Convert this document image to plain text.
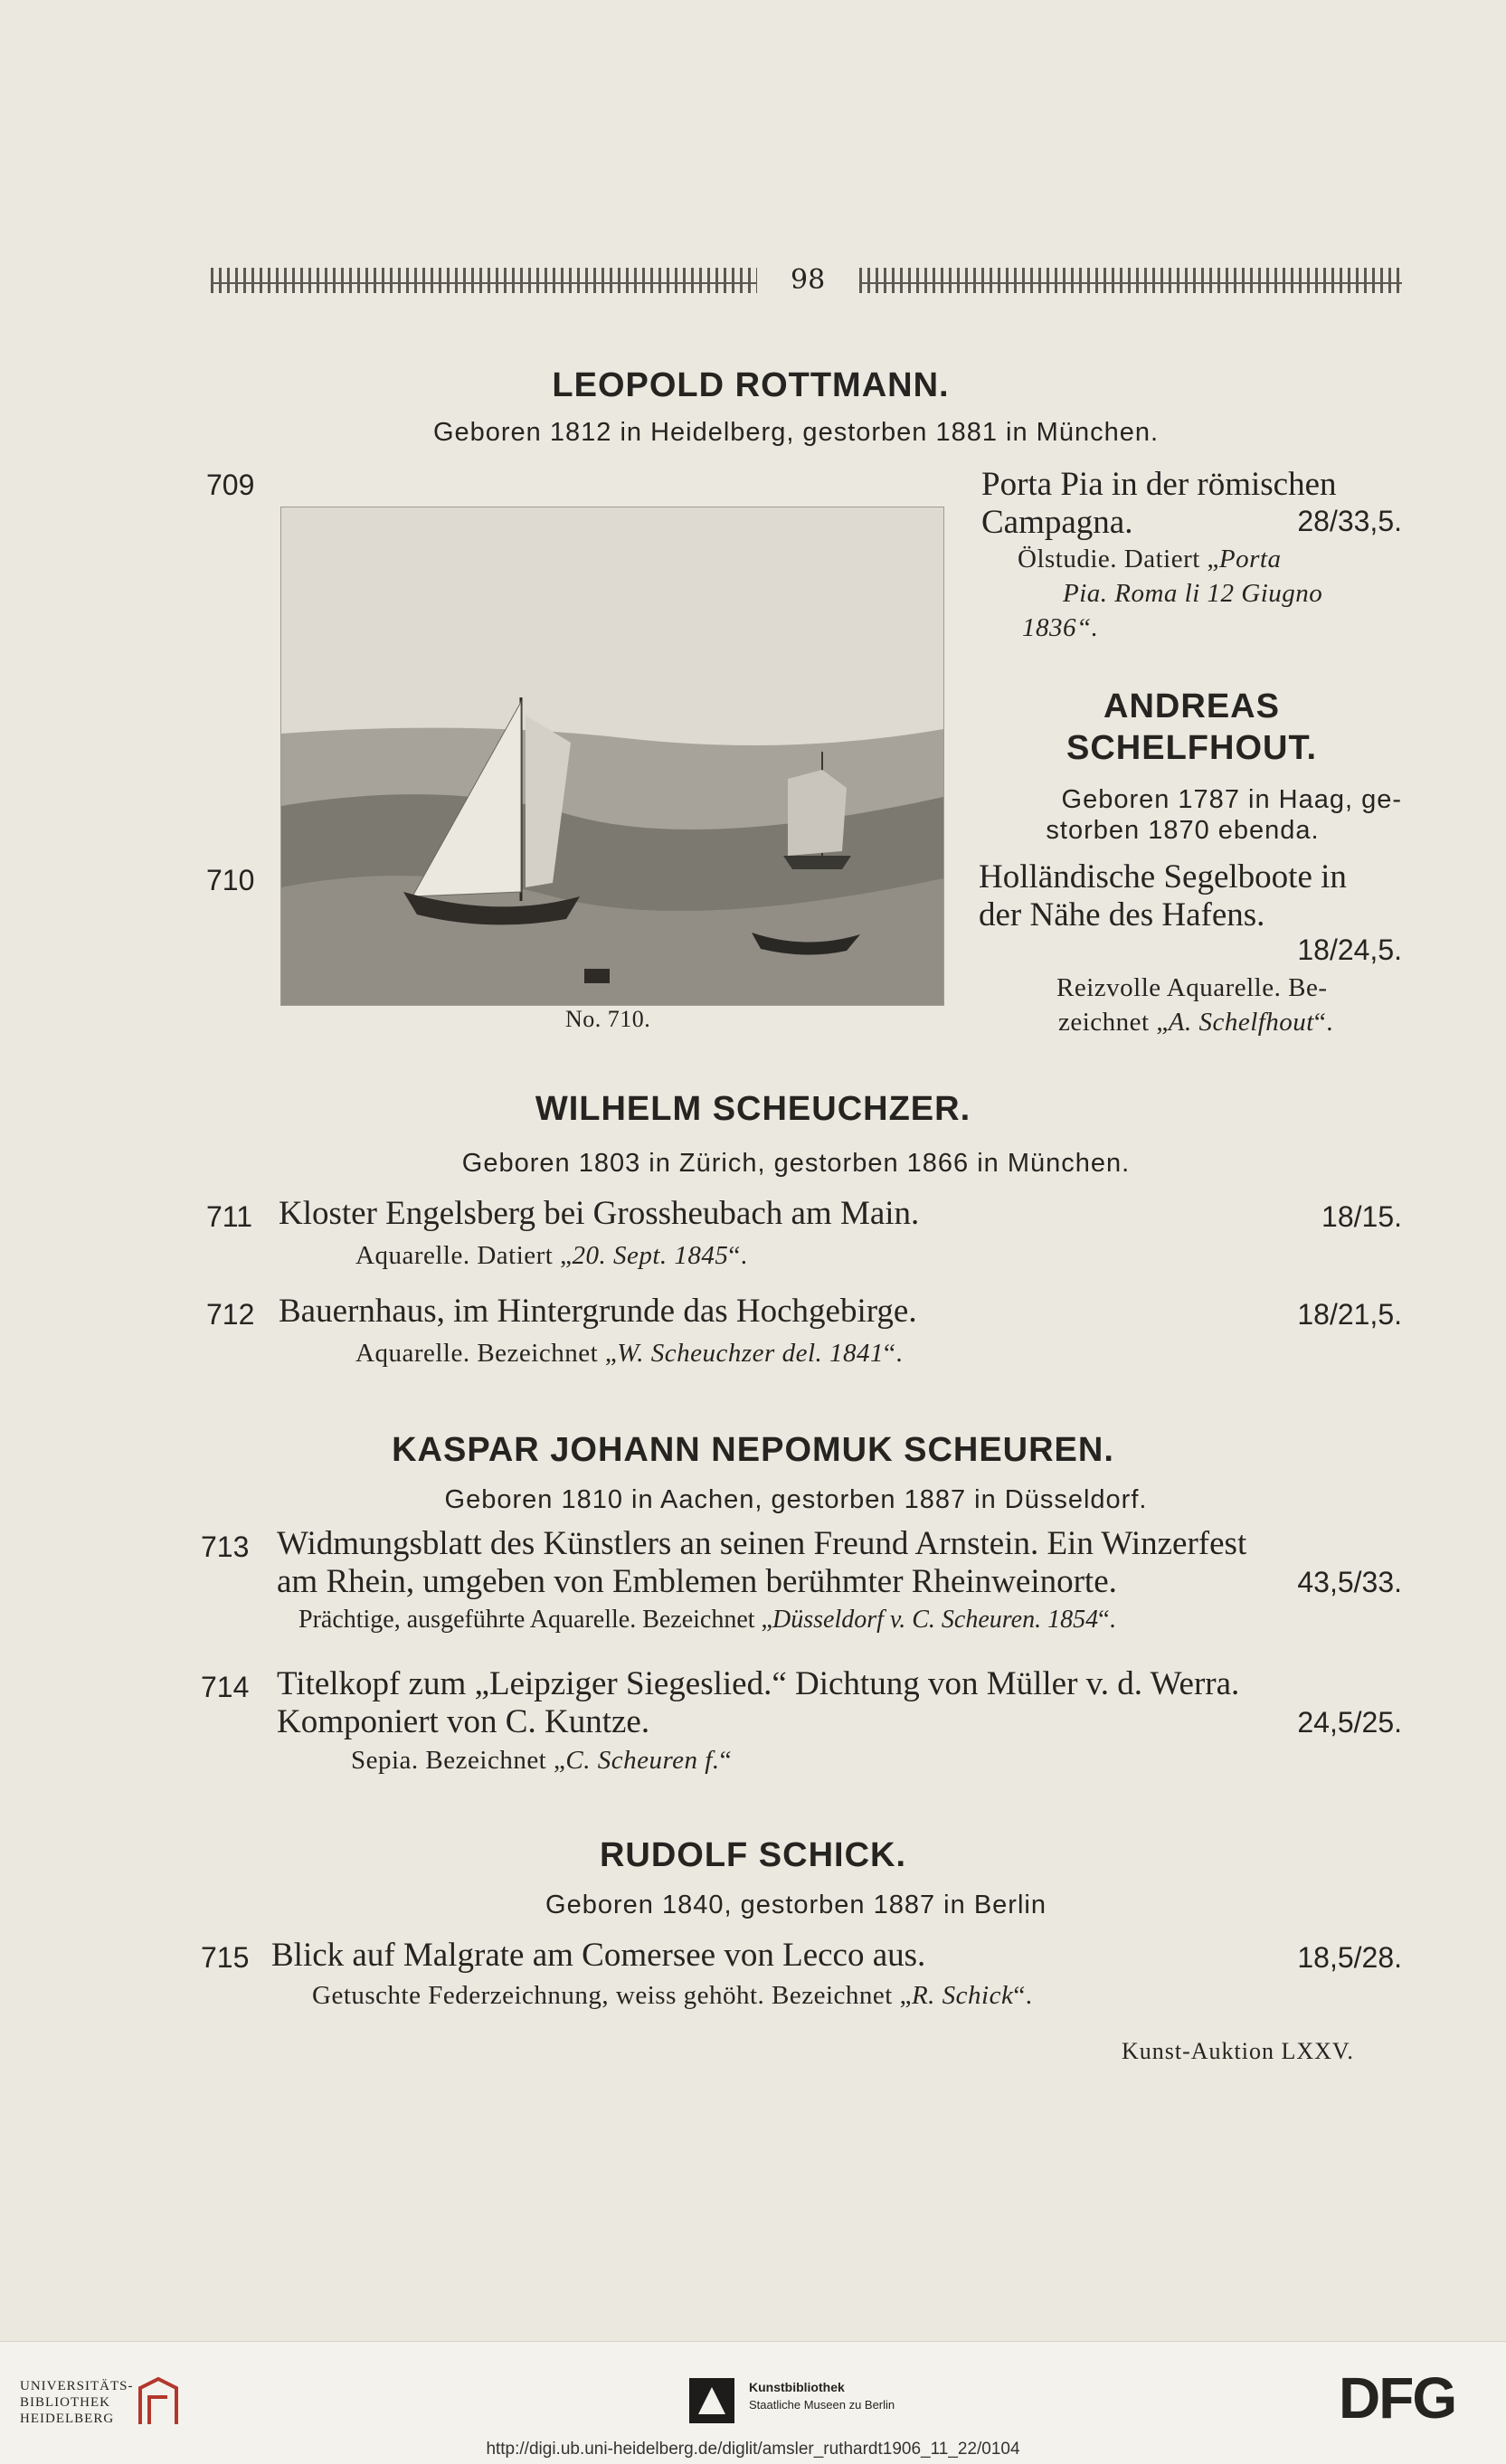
98
LEOPOLD ROTTMANN.
Geboren 1812 in Heidelberg, gestorben 1881 in München.
709	Porta Pia in der römischen
Campagna.	28/33,5.
Ölstudie. Datiert „Porta
Pia. Roma li 12 Giugno
1836“.
No. 710.
ANDREAS
SCHELFHOUT.
Geboren 1787 in Haag, ge-
storben 1870 ebenda.
710	Holländische Segelboote in
der Nähe des Hafens.
18/24,5.
Reizvolle Aquarelle. Be-
zeichnet „A. Schelfhout“.
WILHELM SCHEUCHZER.
Geboren 1803 in Zürich, gestorben 1866 in München.
711 Kloster Engelsberg bei Grossheubach am Main.	18/15.
Aquarelle. Datiert „20. Sept. 1845“.
712 Bauernhaus, im Hintergrunde das Hochgebirge.	18/21,5.
Aquarelle. Bezeichnet „W. Scheuchzer del. 1841“.
KASPAR JOHANN NEPOMUK SCHEUREN.
Geboren 1810 in Aachen, gestorben 1887 in Düsseldorf.
713 Widmungsblatt des Künstlers an seinen Freund Arnstein. Ein Winzerfest
am Rhein, umgeben von Emblemen berühmter Rheinweinorte.	43,5/33.
Prächtige, ausgeführte Aquarelle. Bezeichnet „Düsseldorf v. C. Scheuren. 1854“.
714 Titelkopf zum „Leipziger Siegeslied.“ Dichtung von Müller v. d. Werra.
Komponiert von C. Kuntze.	24,5/25.
Sepia. Bezeichnet „C. Scheuren f.“
RUDOLF SCHICK.
Geboren 1840, gestorben 1887 in Berlin
715 Blick auf Malgrate am Comersee von Lecco aus.	18,5/28.
Getuschte Federzeichnung, weiss gehöht. Bezeichnet „R. Schick“.
Kunst-Auktion LXXV.
UNIVERSITÄTS-
BIBLIOTHEK
HEIDELBERG
Kunstbibliothek
Staatliche Museen zu Berlin	DFG
http://digi.ub.uni-heidelberg.de/diglit/amsler_ruthardt1906_11_22/0104
